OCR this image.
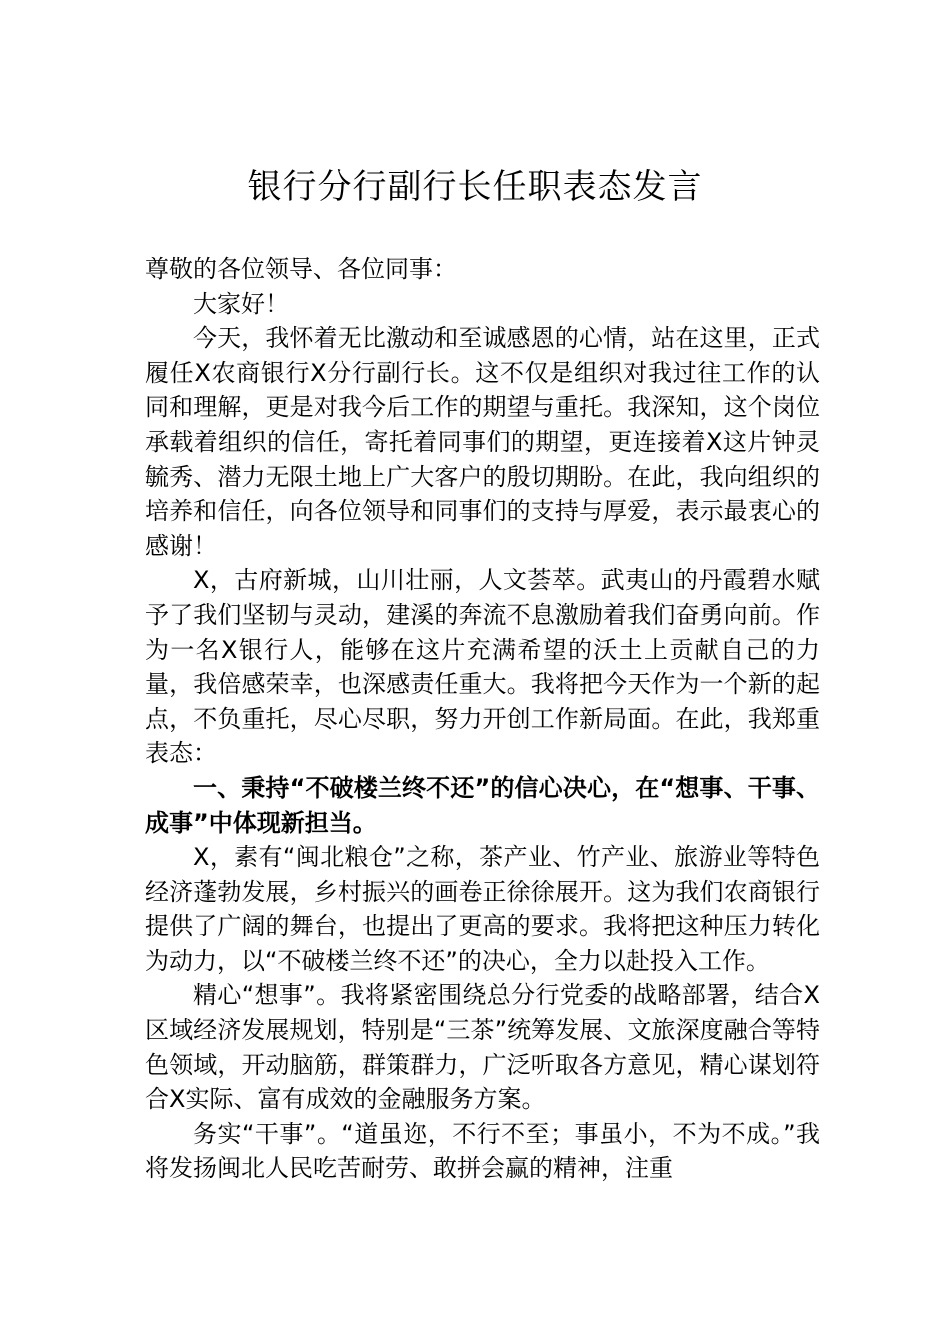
银行分行副行长任职表态发言

尊敬的各位领导、各位同事：

大家好！

今天，我怀着无比激动和至诚感恩的心情，站在这里，正式履任X农商银行X分行副行长。这不仅是组织对我过往工作的认同和理解，更是对我今后工作的期望与重托。我深知，这个岗位承载着组织的信任，寄托着同事们的期望，更连接着X这片钟灵毓秀、潜力无限土地上广大客户的殷切期盼。在此，我向组织的培养和信任，向各位领导和同事们的支持与厚爱，表示最衷心的感谢！

X，古府新城，山川壮丽，人文荟萃。武夷山的丹霞碧水赋予了我们坚韧与灵动，建溪的奔流不息激励着我们奋勇向前。作为一名X银行人，能够在这片充满希望的沃土上贡献自己的力量，我倍感荣幸，也深感责任重大。我将把今天作为一个新的起点，不负重托，尽心尽职，努力开创工作新局面。在此，我郑重表态：

一、秉持“不破楼兰终不还”的信心决心，在“想事、干事、成事”中体现新担当。

X，素有“闽北粮仓”之称，茶产业、竹产业、旅游业等特色经济蓬勃发展，乡村振兴的画卷正徐徐展开。这为我们农商银行提供了广阔的舞台，也提出了更高的要求。我将把这种压力转化为动力，以“不破楼兰终不还”的决心，全力以赴投入工作。

精心“想事”。我将紧密围绕总分行党委的战略部署，结合X区域经济发展规划，特别是“三茶”统筹发展、文旅深度融合等特色领域，开动脑筋，群策群力，广泛听取各方意见，精心谋划符合X实际、富有成效的金融服务方案。

务实“干事”。“道虽迩，不行不至；事虽小，不为不成。”我将发扬闽北人民吃苦耐劳、敢拼会赢的精神，注重
